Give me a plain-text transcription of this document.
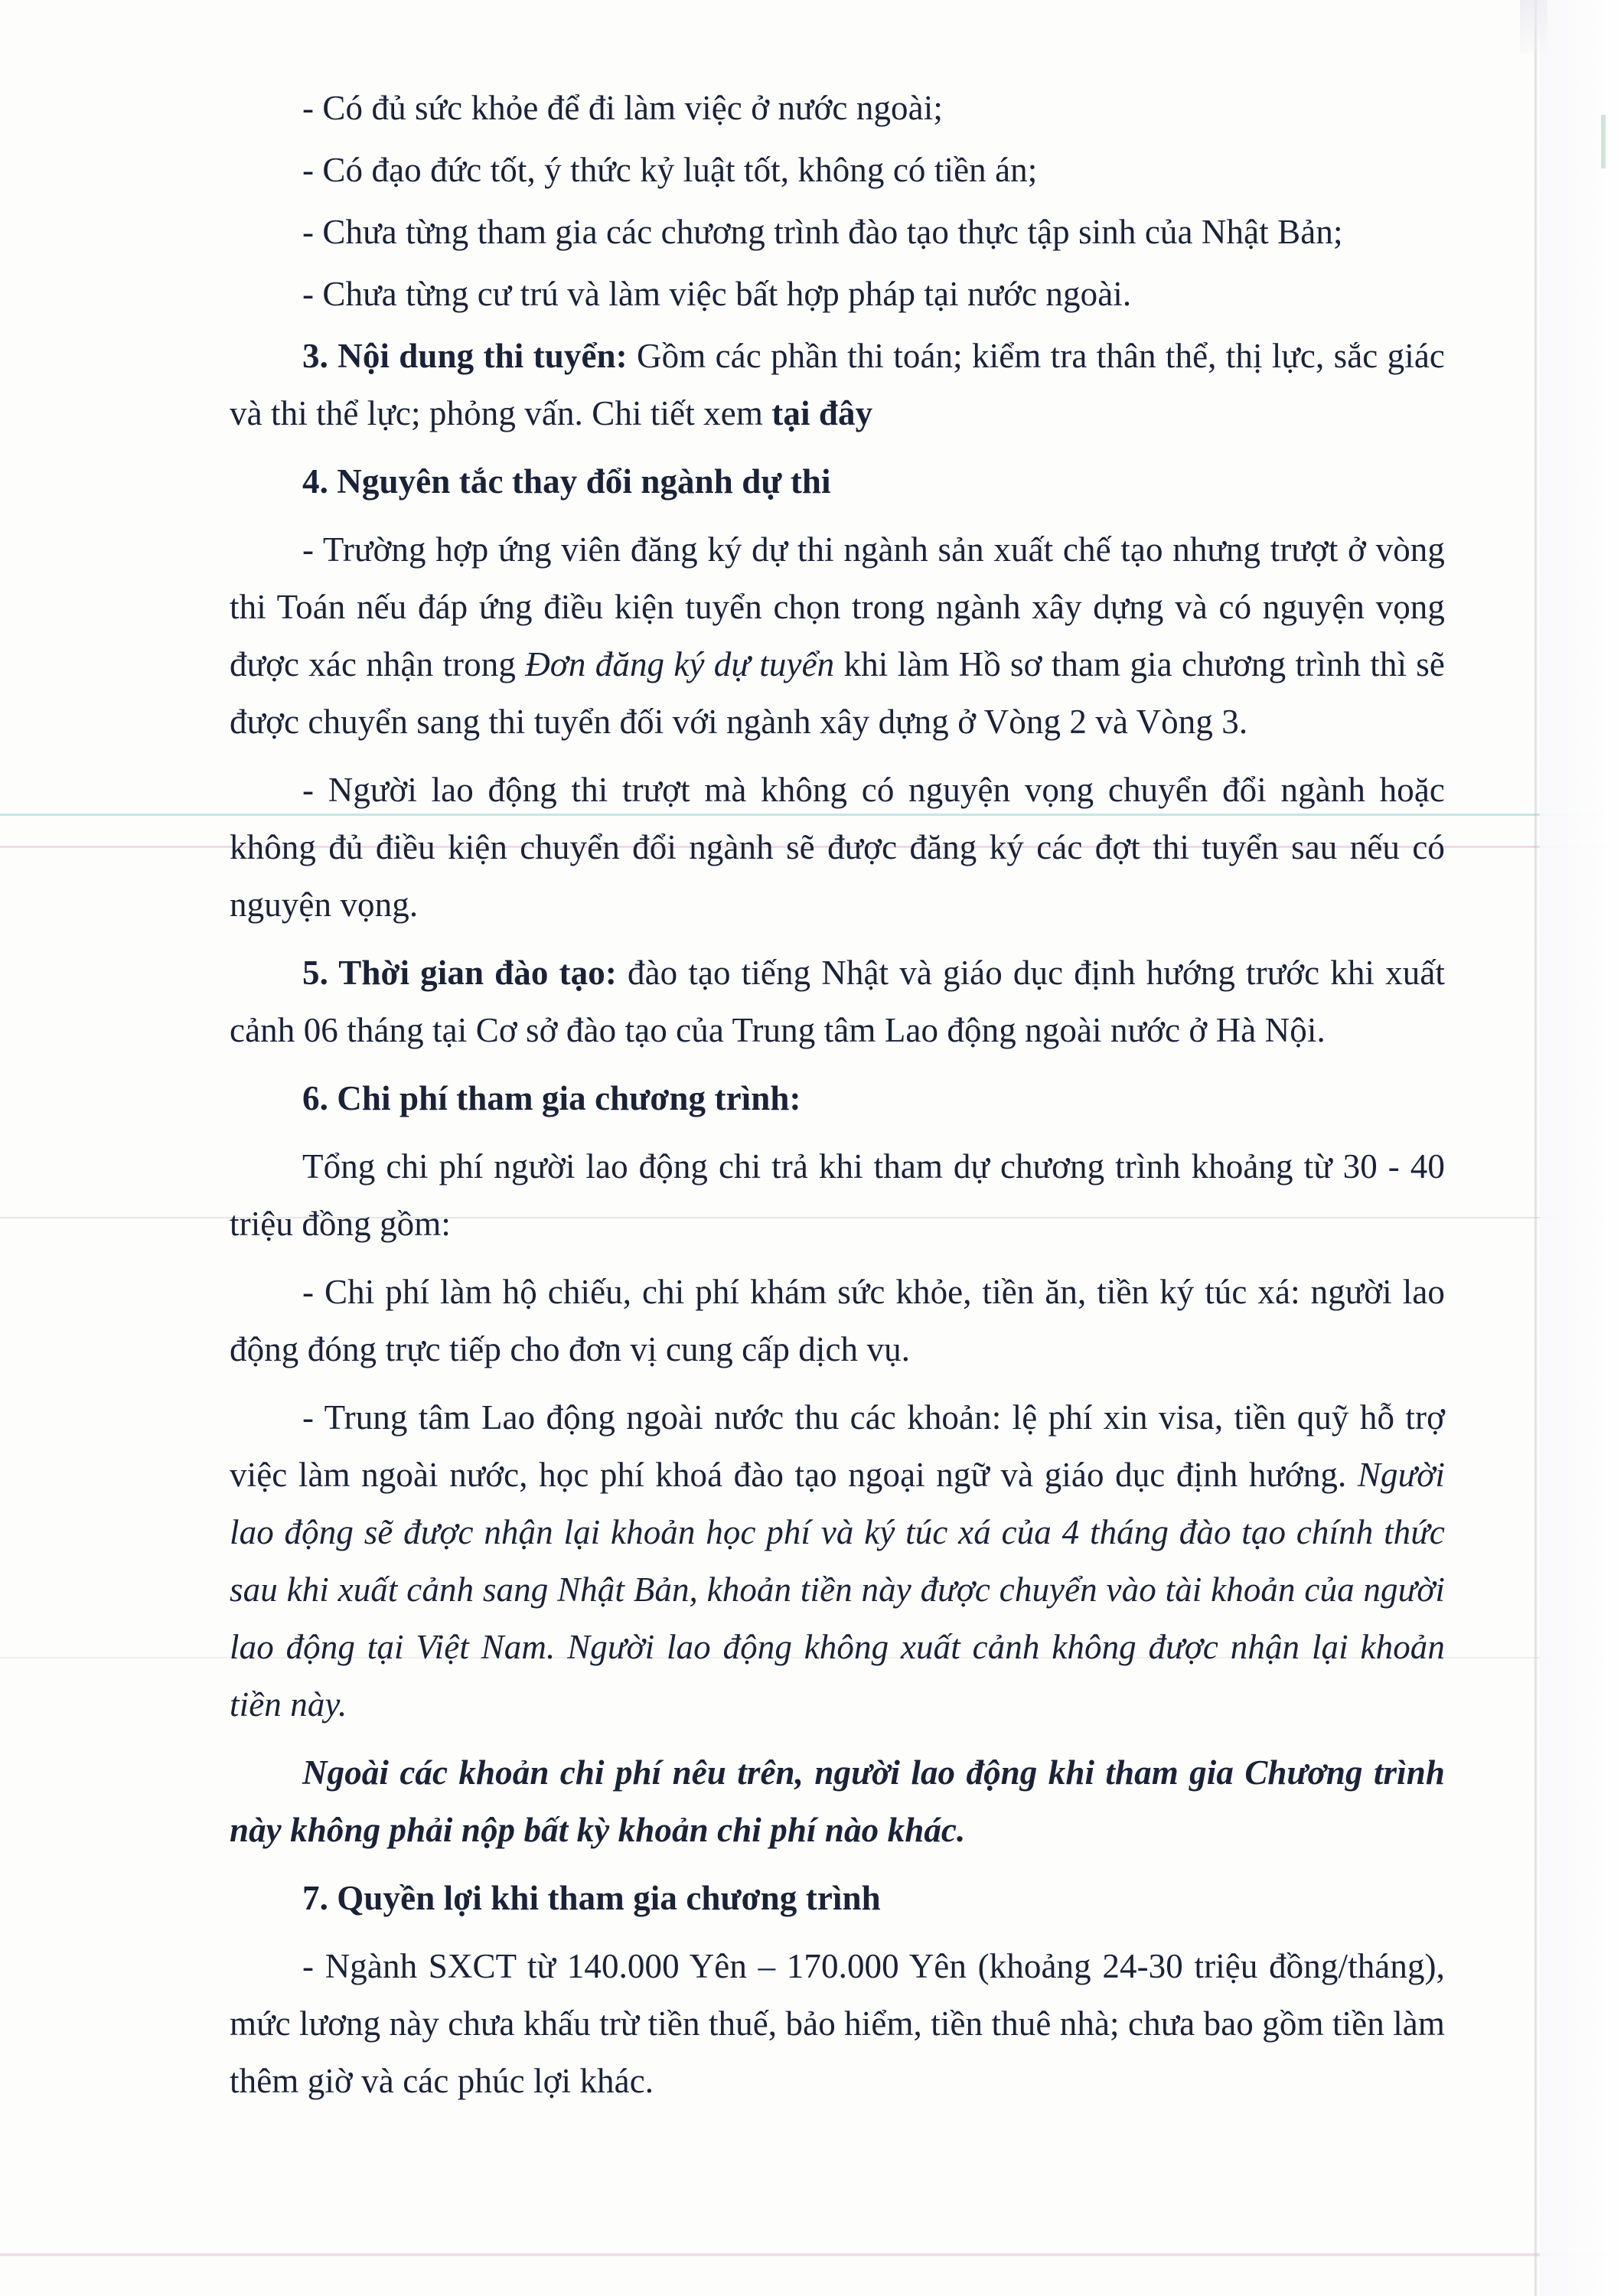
- Có đủ sức khỏe để đi làm việc ở nước ngoài;

- Có đạo đức tốt, ý thức kỷ luật tốt, không có tiền án;

- Chưa từng tham gia các chương trình đào tạo thực tập sinh của Nhật Bản;

- Chưa từng cư trú và làm việc bất hợp pháp tại nước ngoài.

3. Nội dung thi tuyển: Gồm các phần thi toán; kiểm tra thân thể, thị lực, sắc giác và thi thể lực; phỏng vấn. Chi tiết xem tại đây

4. Nguyên tắc thay đổi ngành dự thi

- Trường hợp ứng viên đăng ký dự thi ngành sản xuất chế tạo nhưng trượt ở vòng thi Toán nếu đáp ứng điều kiện tuyển chọn trong ngành xây dựng và có nguyện vọng được xác nhận trong Đơn đăng ký dự tuyển khi làm Hồ sơ tham gia chương trình thì sẽ được chuyển sang thi tuyển đối với ngành xây dựng ở Vòng 2 và Vòng 3.

- Người lao động thi trượt mà không có nguyện vọng chuyển đổi ngành hoặc không đủ điều kiện chuyển đổi ngành sẽ được đăng ký các đợt thi tuyển sau nếu có nguyện vọng.

5. Thời gian đào tạo: đào tạo tiếng Nhật và giáo dục định hướng trước khi xuất cảnh 06 tháng tại Cơ sở đào tạo của Trung tâm Lao động ngoài nước ở Hà Nội.

6. Chi phí tham gia chương trình:

Tổng chi phí người lao động chi trả khi tham dự chương trình khoảng từ 30 - 40 triệu đồng gồm:

- Chi phí làm hộ chiếu, chi phí khám sức khỏe, tiền ăn, tiền ký túc xá: người lao động đóng trực tiếp cho đơn vị cung cấp dịch vụ.

- Trung tâm Lao động ngoài nước thu các khoản: lệ phí xin visa, tiền quỹ hỗ trợ việc làm ngoài nước, học phí khoá đào tạo ngoại ngữ và giáo dục định hướng. Người lao động sẽ được nhận lại khoản học phí và ký túc xá của 4 tháng đào tạo chính thức sau khi xuất cảnh sang Nhật Bản, khoản tiền này được chuyển vào tài khoản của người lao động tại Việt Nam. Người lao động không xuất cảnh không được nhận lại khoản tiền này.

Ngoài các khoản chi phí nêu trên, người lao động khi tham gia Chương trình này không phải nộp bất kỳ khoản chi phí nào khác.

7. Quyền lợi khi tham gia chương trình

- Ngành SXCT từ 140.000 Yên – 170.000 Yên (khoảng 24-30 triệu đồng/tháng), mức lương này chưa khấu trừ tiền thuế, bảo hiểm, tiền thuê nhà; chưa bao gồm tiền làm thêm giờ và các phúc lợi khác.
